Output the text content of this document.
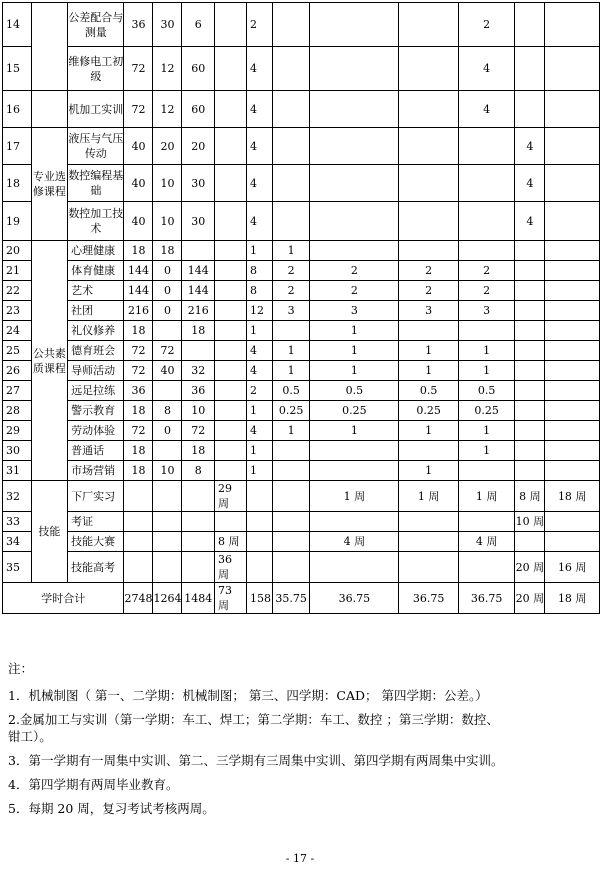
14		公差配合与测量	36	30	6		2				2		
15		维修电工初级	72	12	60		4				4		
16		机加工实训	72	12	60		4				4		
17	专业选修课程	液压与气压传动	40	20	20		4					4	
18		数控编程基础	40	10	30		4					4	
19		数控加工技术	40	10	30		4					4	
20	公共素质课程	心理健康	18	18			1	1					
21		体育健康	144	0	144		8	2	2	2	2		
22		艺术	144	0	144		8	2	2	2	2		
23		社团	216	0	216		12	3	3	3	3		
24		礼仪修养	18		18		1		1				
25		德育班会	72	72			4	1	1	1	1		
26		导师活动	72	40	32		4	1	1	1	1		
27		远足拉练	36		36		2	0.5	0.5	0.5	0.5		
28		警示教育	18	8	10		1	0.25	0.25	0.25	0.25		
29		劳动体验	72	0	72		4	1	1	1	1		
30		普通话	18		18		1				1		
31		市场营销	18	10	8		1			1			
32	技能	下厂实习				29 周			1 周	1 周	1 周	8 周	18 周
33		考证										10 周	
34		技能大赛				8 周			4 周		4 周		
35		技能高考				36 周						20 周	16 周
学时合计			2748	1264	1484	73 周	158	35.75	36.75	36.75	36.75	20 周	18 周
注：
1．机械制图（ 第一、二学期：机械制图； 第三、四学期：CAD； 第四学期：公差。）
2.金属加工与实训（第一学期：车工、焊工；第二学期：车工、数控 ；第三学期：数控、
钳工）。
3．第一学期有一周集中实训、第二、三学期有三周集中实训、第四学期有两周集中实训。
4．第四学期有两周毕业教育。
5．每期 20 周，复习考试考核两周。
- 17 -
